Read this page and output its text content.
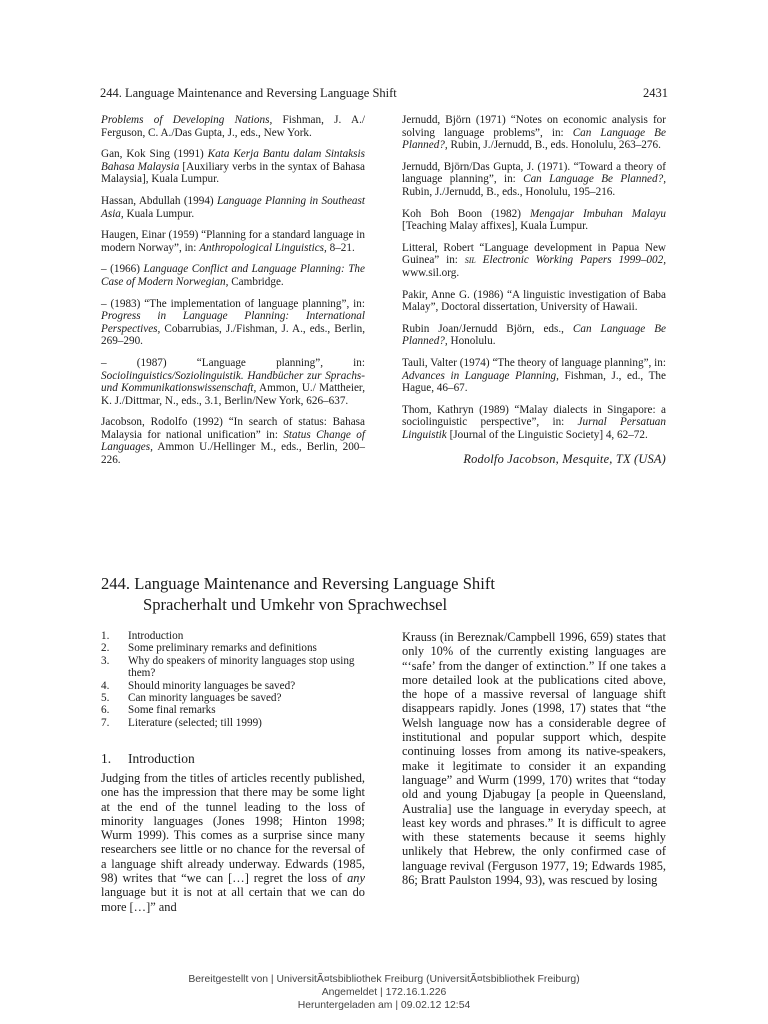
244. Language Maintenance and Reversing Language Shift	2431

Problems of Developing Nations, Fishman, J. A./ Ferguson, C. A./Das Gupta, J., eds., New York.

Gan, Kok Sing (1991) Kata Kerja Bantu dalam Sintaksis Bahasa Malaysia [Auxiliary verbs in the syntax of Bahasa Malaysia], Kuala Lumpur.

Hassan, Abdullah (1994) Language Planning in Southeast Asia, Kuala Lumpur.

Haugen, Einar (1959) “Planning for a standard language in modern Norway”, in: Anthropological Linguistics, 8–21.

– (1966) Language Conflict and Language Planning: The Case of Modern Norwegian, Cambridge.

– (1983) “The implementation of language planning”, in: Progress in Language Planning: International Perspectives, Cobarrubias, J./Fishman, J. A., eds., Berlin, 269–290.

– (1987) “Language planning”, in: Sociolinguistics/Soziolinguistik. Handbücher zur Sprachs- und Kommunikationswissenschaft, Ammon, U./ Mattheier, K. J./Dittmar, N., eds., 3.1, Berlin/New York, 626–637.

Jacobson, Rodolfo (1992) “In search of status: Bahasa Malaysia for national unification” in: Status Change of Languages, Ammon U./Hellinger M., eds., Berlin, 200–226.

Jernudd, Björn (1971) “Notes on economic analysis for solving language problems”, in: Can Language Be Planned?, Rubin, J./Jernudd, B., eds. Honolulu, 263–276.

Jernudd, Björn/Das Gupta, J. (1971). “Toward a theory of language planning”, in: Can Language Be Planned?, Rubin, J./Jernudd, B., eds., Honolulu, 195–216.

Koh Boh Boon (1982) Mengajar Imbuhan Malayu [Teaching Malay affixes], Kuala Lumpur.

Litteral, Robert “Language development in Papua New Guinea” in: sil Electronic Working Papers 1999–002, www.sil.org.

Pakir, Anne G. (1986) “A linguistic investigation of Baba Malay”, Doctoral dissertation, University of Hawaii.

Rubin Joan/Jernudd Björn, eds., Can Language Be Planned?, Honolulu.

Tauli, Valter (1974) “The theory of language planning”, in: Advances in Language Planning, Fishman, J., ed., The Hague, 46–67.

Thom, Kathryn (1989) “Malay dialects in Singapore: a sociolinguistic perspective”, in: Jurnal Persatuan Linguistik [Journal of the Linguistic Society] 4, 62–72.

Rodolfo Jacobson, Mesquite, TX (USA)
244. Language Maintenance and Reversing Language Shift
Spracherhalt und Umkehr von Sprachwechsel
1.	Introduction
2.	Some preliminary remarks and definitions
3.	Why do speakers of minority languages stop using them?
4.	Should minority languages be saved?
5.	Can minority languages be saved?
6.	Some final remarks
7.	Literature (selected; till 1999)
1. Introduction

Judging from the titles of articles recently published, one has the impression that there may be some light at the end of the tunnel leading to the loss of minority languages (Jones 1998; Hinton 1998; Wurm 1999). This comes as a surprise since many researchers see little or no chance for the reversal of a language shift already underway. Edwards (1985, 98) writes that “we can […] regret the loss of any language but it is not at all certain that we can do more […]” and

Krauss (in Bereznak/Campbell 1996, 659) states that only 10% of the currently existing languages are “‘safe’ from the danger of extinction.” If one takes a more detailed look at the publications cited above, the hope of a massive reversal of language shift disappears rapidly. Jones (1998, 17) states that “the Welsh language now has a considerable degree of institutional and popular support which, despite continuing losses from among its native-speakers, make it legitimate to consider it an expanding language” and Wurm (1999, 170) writes that “today old and young Djabugay [a people in Queensland, Australia] use the language in everyday speech, at least key words and phrases.” It is difficult to agree with these statements because it seems highly unlikely that Hebrew, the only confirmed case of language revival (Ferguson 1977, 19; Edwards 1985, 86; Bratt Paulston 1994, 93), was rescued by losing

Bereitgestellt von | UniversitÃ¤tsbibliothek Freiburg (UniversitÃ¤tsbibliothek Freiburg)
Angemeldet | 172.16.1.226
Heruntergeladen am | 09.02.12 12:54
